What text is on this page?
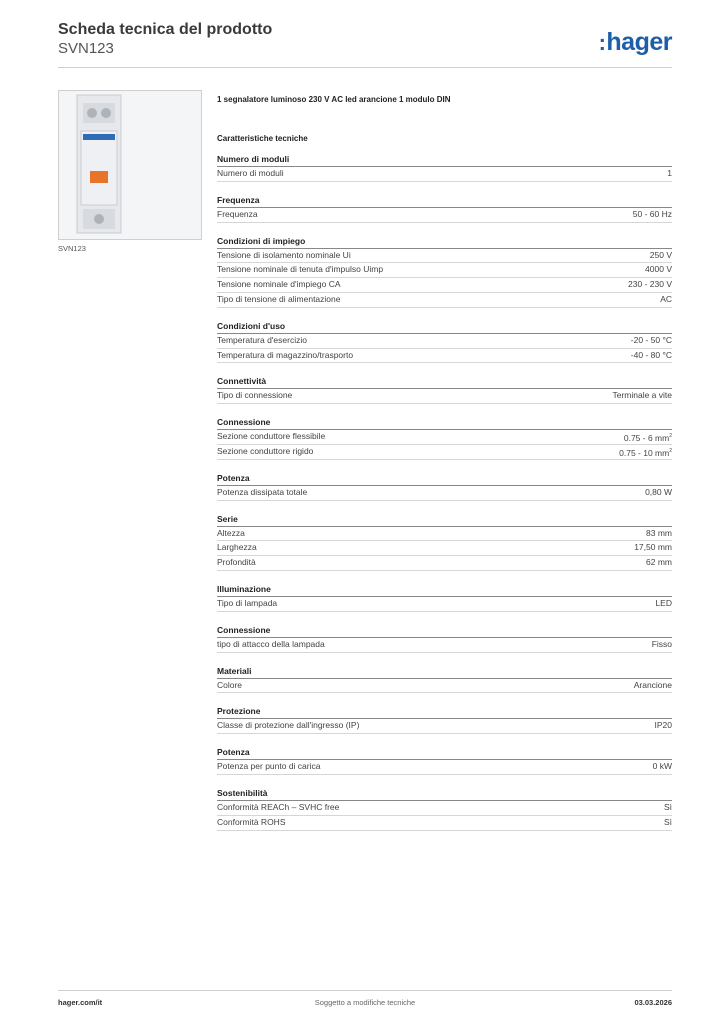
Scheda tecnica del prodotto
SVN123	:hager
SVN123
1 segnalatore luminoso 230 V AC led arancione 1 modulo DIN
Caratteristiche tecniche
Numero di moduli
Numero di moduli	1
Frequenza
Frequenza	50 - 60 Hz
Condizioni di impiego
Tensione di isolamento nominale Ui	250 V
Tensione nominale di tenuta d'impulso Uimp	4000 V
Tensione nominale d'impiego CA	230 - 230 V
Tipo di tensione di alimentazione	AC
Condizioni d'uso
Temperatura d'esercizio	-20 - 50 °C
Temperatura di magazzino/trasporto	-40 - 80 °C
Connettività
Tipo di connessione	Terminale a vite
Connessione
Sezione conduttore flessibile	0.75 - 6 $mm^2$
Sezione conduttore rigido	0.75 - 10 $mm^2$
Potenza
Potenza dissipata totale	0,80 W
Serie
Altezza	83 mm
Larghezza	17,50 mm
Profondità	62 mm
Illuminazione
Tipo di lampada	LED
Connessione
tipo di attacco della lampada	Fisso
Materiali
Colore	Arancione
Protezione
Classe di protezione dall'ingresso (IP)	IP20
Potenza
Potenza per punto di carica	0 kW
Sostenibilità
Conformità REACh – SVHC free	Sì
Conformità ROHS	Sì
hager.com/it	Soggetto a modifiche tecniche	03.03.2026
